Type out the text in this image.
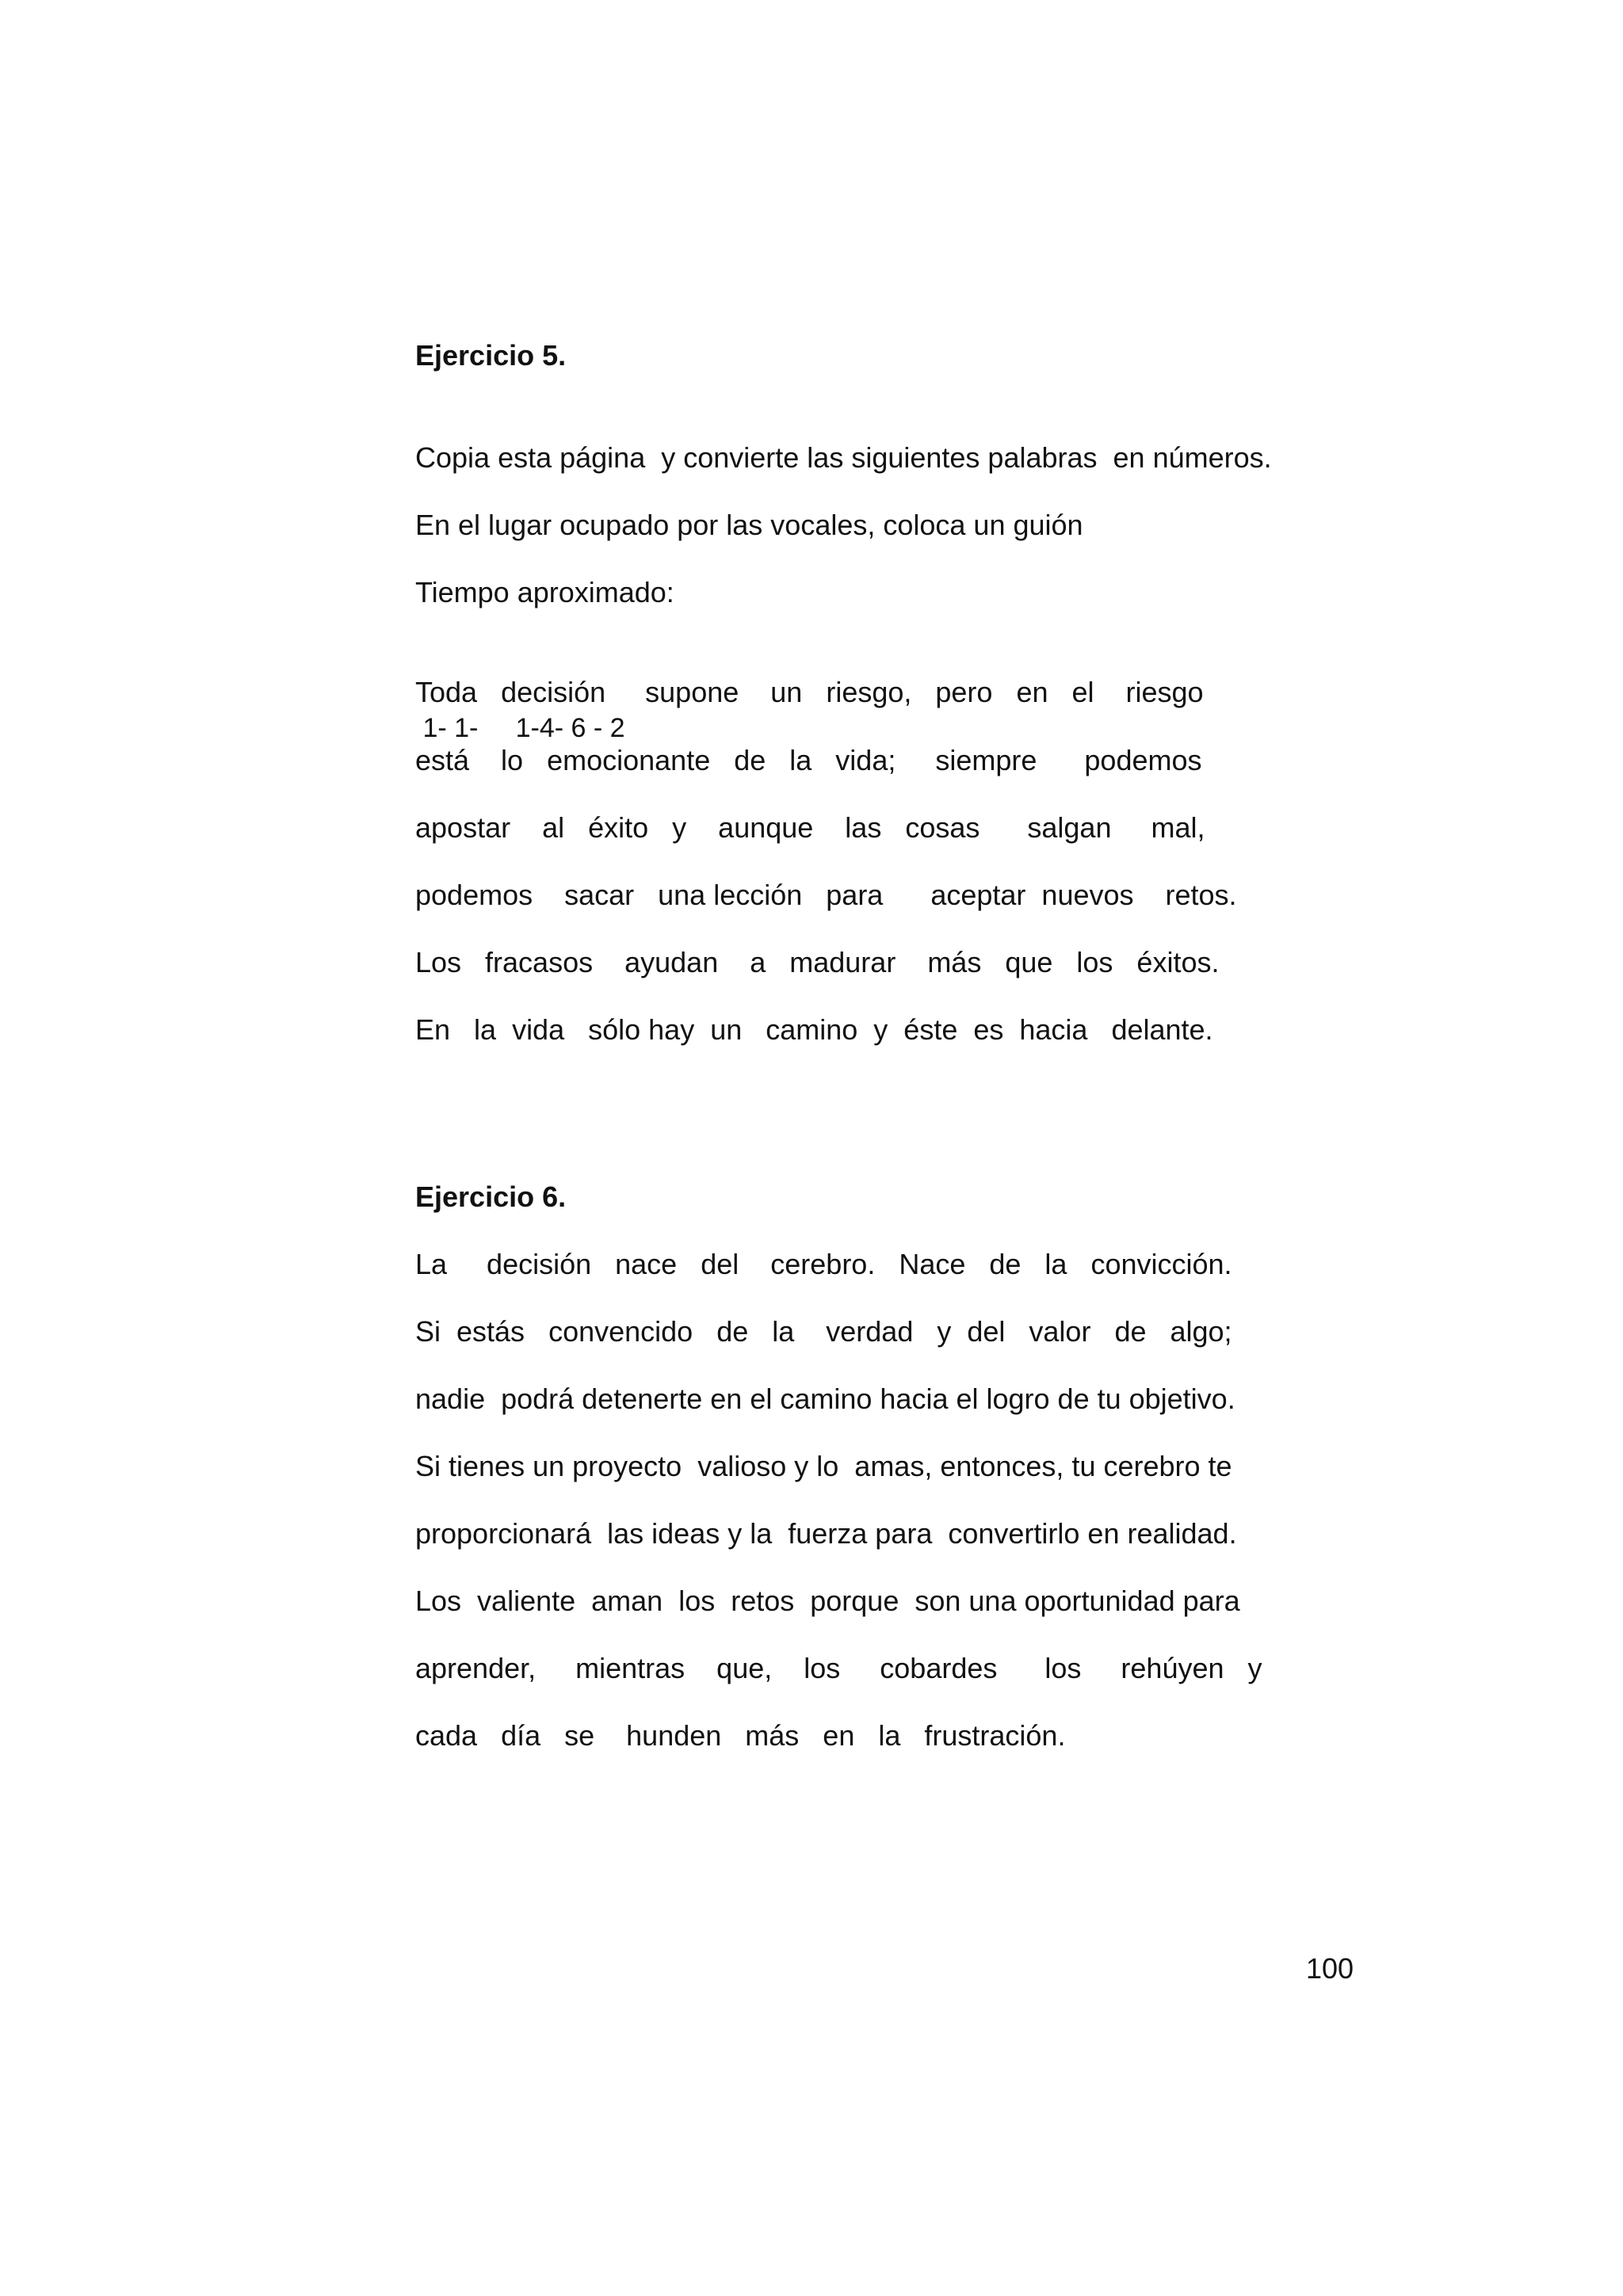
Ejercicio 5.

Copia esta página  y convierte las siguientes palabras  en números.

En el lugar ocupado por las vocales, coloca un guión

Tiempo aproximado:

Toda   decisión     supone    un   riesgo,   pero   en   el    riesgo

1- 1-     1-4- 6 - 2

está    lo   emocionante   de   la   vida;     siempre      podemos

apostar    al   éxito   y    aunque    las   cosas      salgan     mal,

podemos    sacar   una lección   para      aceptar  nuevos    retos.

Los   fracasos    ayudan    a   madurar    más   que   los   éxitos.

En   la  vida   sólo hay  un   camino  y  éste  es  hacia   delante.

Ejercicio 6.

La     decisión   nace   del    cerebro.   Nace   de   la   convicción.

Si  estás   convencido   de   la    verdad   y  del   valor   de   algo;

nadie  podrá detenerte en el camino hacia el logro de tu objetivo.

Si tienes un proyecto  valioso y lo  amas, entonces, tu cerebro te

proporcionará  las ideas y la  fuerza para  convertirlo en realidad.

Los  valiente  aman  los  retos  porque  son una oportunidad para

aprender,     mientras    que,    los     cobardes      los     rehúyen   y

cada   día   se    hunden   más   en   la   frustración.

100
